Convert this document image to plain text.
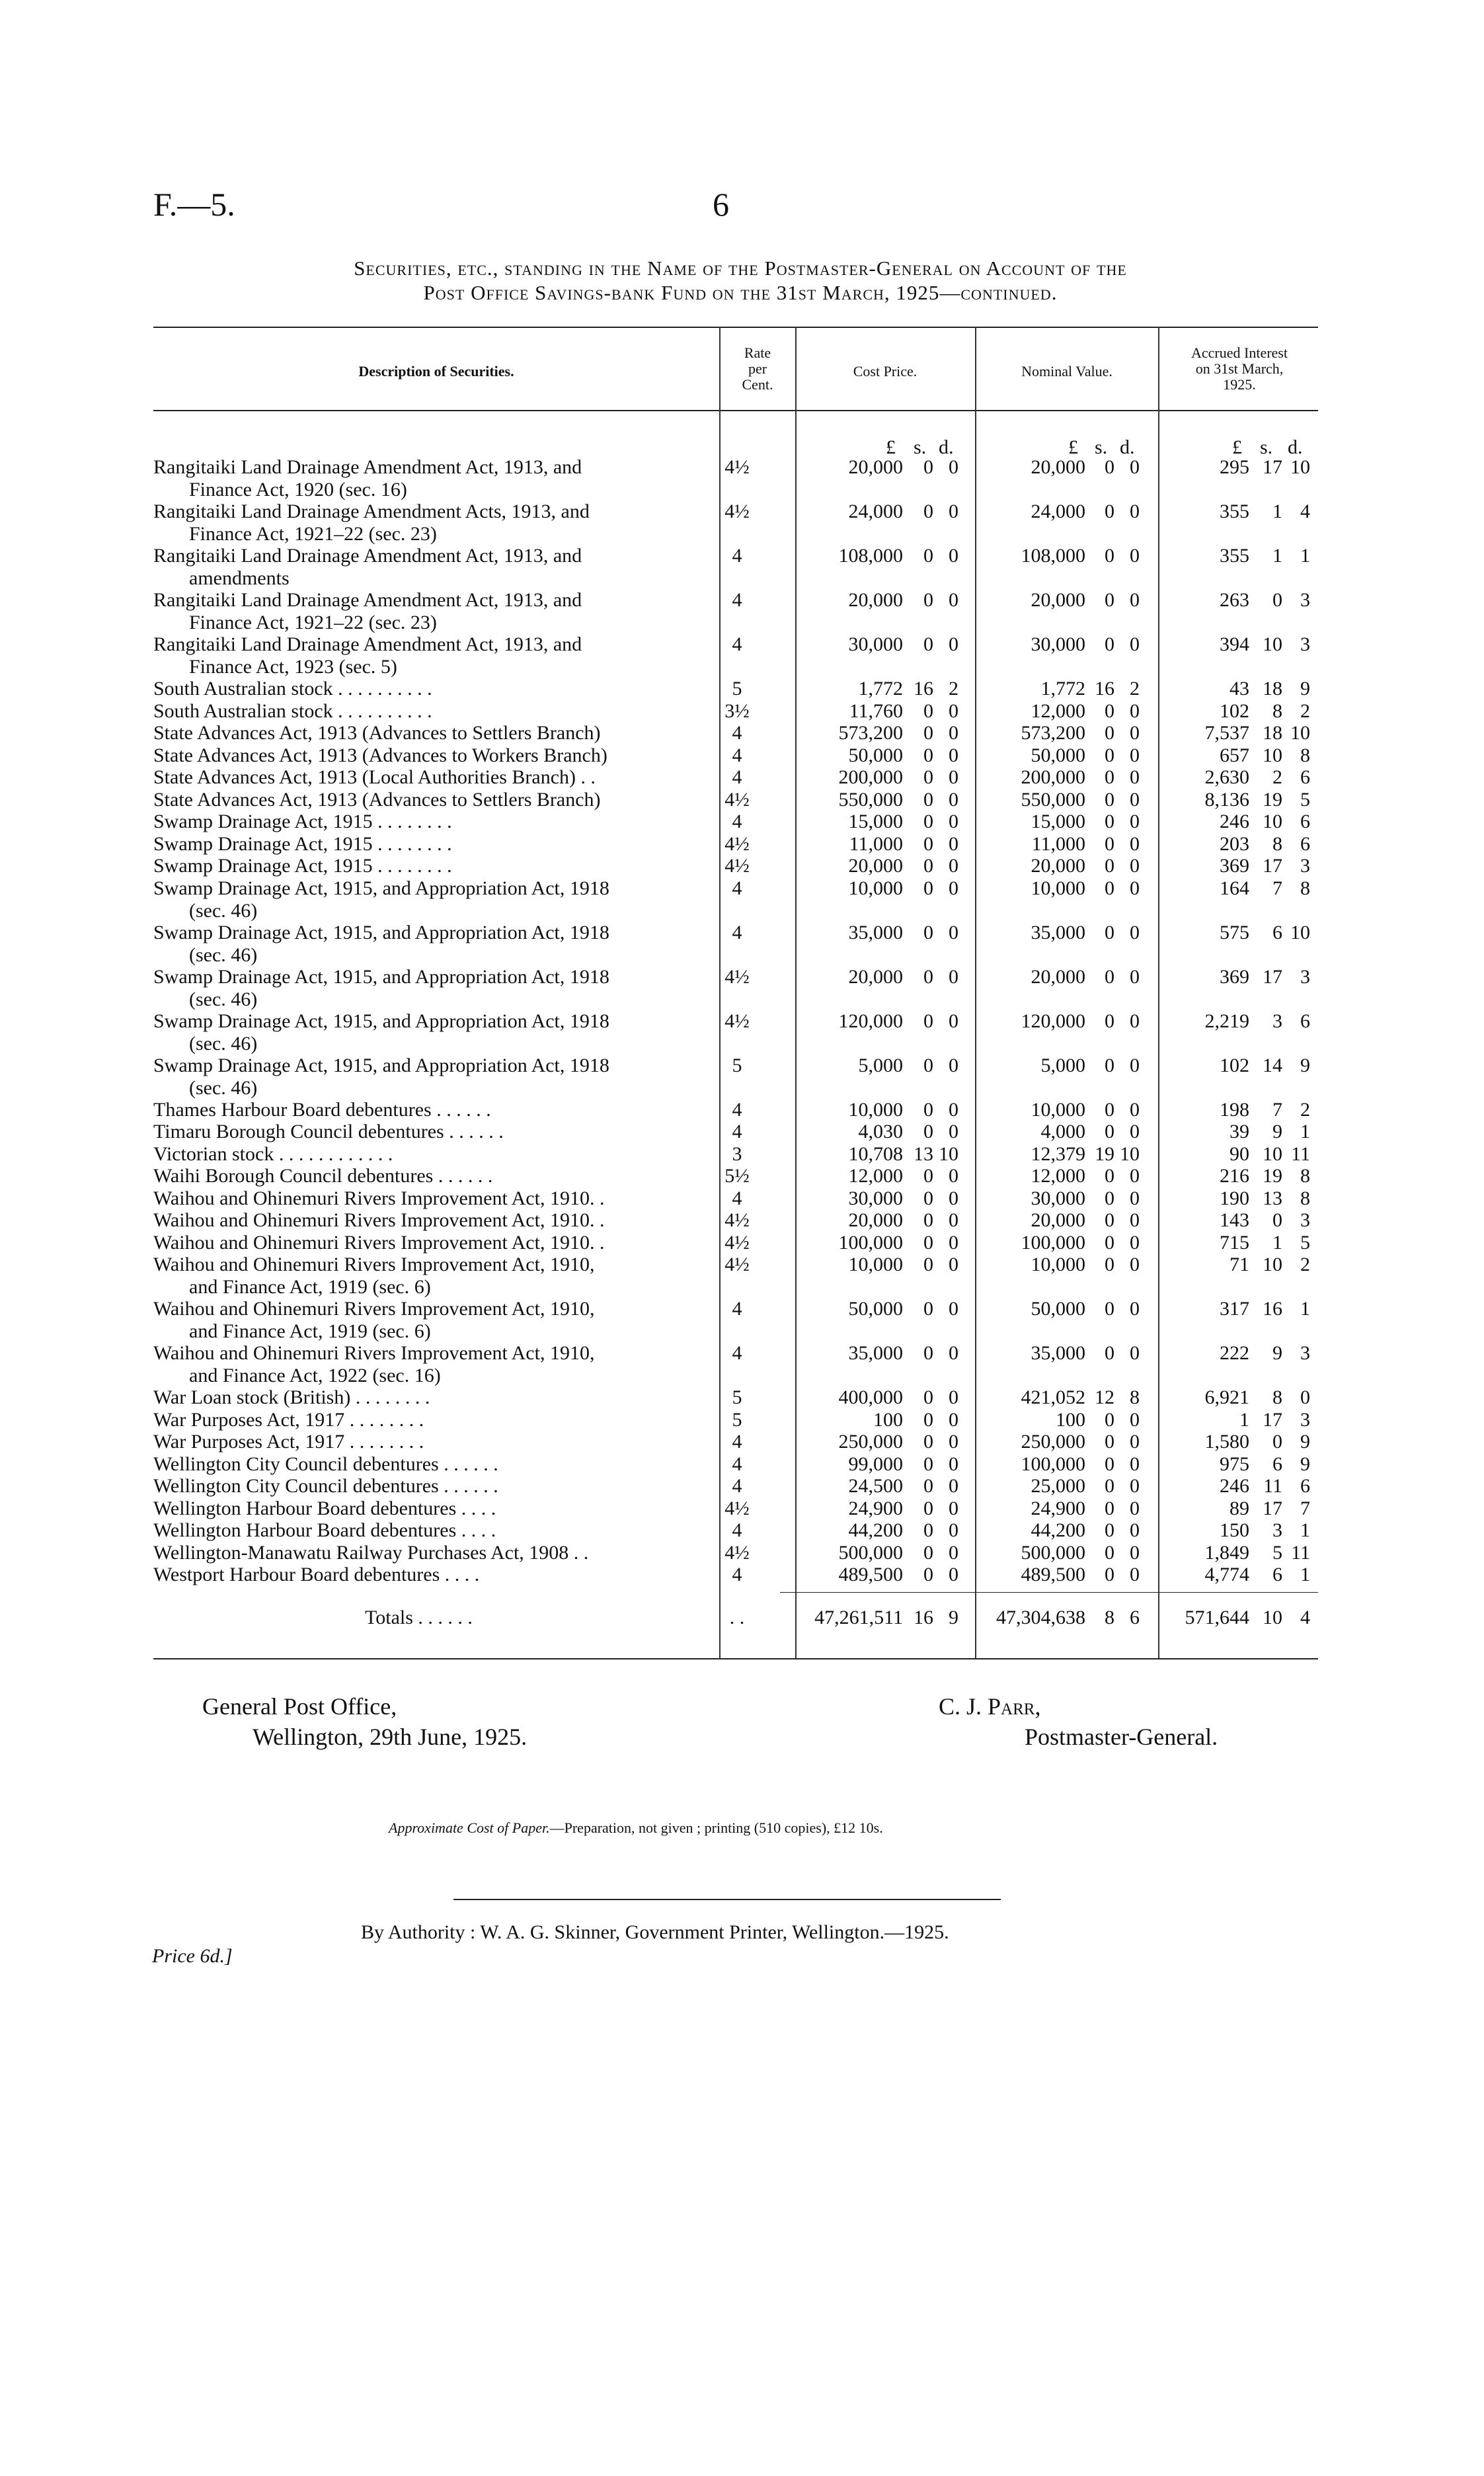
F.—5.	6
Securities, etc., standing in the Name of the Postmaster-General on Account of the
Post Office Savings-bank Fund on the 31st March, 1925—continued.
Description of Securities.
Rate
per
Cent.
Cost Price.	Nominal Value.
Accrued Interest
on 31st March,
1925.
£ s. d.	£ s. d.	£ s. d.
Rangitaiki Land Drainage Amendment Act, 1913, and
Finance Act, 1920 (sec. 16)
4½	20,000	0 0	20,000 0 0	295 17 10
Rangitaiki Land Drainage Amendment Acts, 1913, and
Finance Act, 1921–22 (sec. 23)
4½	24,000	0 0	24,000 0 0	355	1 4
Rangitaiki Land Drainage Amendment Act, 1913, and
amendments
4	108,000	0 0	108,000 0 0	355	1 1
Rangitaiki Land Drainage Amendment Act, 1913, and
Finance Act, 1921–22 (sec. 23)
4	20,000	0 0	20,000 0 0	263	0 3
Rangitaiki Land Drainage Amendment Act, 1913, and
Finance Act, 1923 (sec. 5)
4	30,000	0 0	30,000 0 0	394 10 3
South Australian stock . . . . . . . . . .	5	1,772 16 2	1,772 16 2	43 18 9
South Australian stock . . . . . . . . . .	3½	11,760	0 0	12,000 0 0	102	8 2
State Advances Act, 1913 (Advances to Settlers Branch)	4	573,200	0 0	573,200 0 0	7,537 18 10
State Advances Act, 1913 (Advances to Workers Branch)	4	50,000	0 0	50,000 0 0	657 10 8
State Advances Act, 1913 (Local Authorities Branch) . .	4	200,000	0 0	200,000 0 0	2,630	2 6
State Advances Act, 1913 (Advances to Settlers Branch)	4½	550,000	0 0	550,000 0 0	8,136 19 5
Swamp Drainage Act, 1915 . . . . . . . .	4	15,000	0 0	15,000 0 0	246 10 6
Swamp Drainage Act, 1915 . . . . . . . .	4½	11,000	0 0	11,000 0 0	203	8 6
Swamp Drainage Act, 1915 . . . . . . . .	4½	20,000	0 0	20,000 0 0	369 17 3
Swamp Drainage Act, 1915, and Appropriation Act, 1918
(sec. 46)
4	10,000	0 0	10,000 0 0	164	7 8
Swamp Drainage Act, 1915, and Appropriation Act, 1918
(sec. 46)
4	35,000	0 0	35,000 0 0	575	6 10
Swamp Drainage Act, 1915, and Appropriation Act, 1918
(sec. 46)
4½	20,000	0 0	20,000 0 0	369 17 3
Swamp Drainage Act, 1915, and Appropriation Act, 1918
(sec. 46)
4½	120,000	0 0	120,000 0 0	2,219	3 6
Swamp Drainage Act, 1915, and Appropriation Act, 1918
(sec. 46)
5	5,000	0 0	5,000 0 0	102 14 9
Thames Harbour Board debentures . . . . . .	4	10,000	0 0	10,000 0 0	198	7 2
Timaru Borough Council debentures . . . . . .	4	4,030	0 0	4,000 0 0	39	9 1
Victorian stock . . . . . . . . . . . .	3	10,708 13 10	12,379 19 10	90 10 11
Waihi Borough Council debentures . . . . . .	5½	12,000	0 0	12,000 0 0	216 19 8
Waihou and Ohinemuri Rivers Improvement Act, 1910. .	4	30,000	0 0	30,000 0 0	190 13 8
Waihou and Ohinemuri Rivers Improvement Act, 1910. .	4½	20,000	0 0	20,000 0 0	143	0 3
Waihou and Ohinemuri Rivers Improvement Act, 1910. .	4½	100,000	0 0	100,000 0 0	715	1 5
Waihou and Ohinemuri Rivers Improvement Act, 1910,
and Finance Act, 1919 (sec. 6)
4½	10,000	0 0	10,000 0 0	71 10 2
Waihou and Ohinemuri Rivers Improvement Act, 1910,
and Finance Act, 1919 (sec. 6)
4	50,000	0 0	50,000 0 0	317 16 1
Waihou and Ohinemuri Rivers Improvement Act, 1910,
and Finance Act, 1922 (sec. 16)
4	35,000	0 0	35,000 0 0	222	9 3
War Loan stock (British) . . . . . . . .	5	400,000	0 0	421,052 12 8	6,921	8 0
War Purposes Act, 1917 . . . . . . . .	5	100	0 0	100 0 0	1 17 3
War Purposes Act, 1917 . . . . . . . .	4	250,000	0 0	250,000 0 0	1,580	0 9
Wellington City Council debentures . . . . . .	4	99,000	0 0	100,000 0 0	975	6 9
Wellington City Council debentures . . . . . .	4	24,500	0 0	25,000 0 0	246 11 6
Wellington Harbour Board debentures . . . .	4½	24,900	0 0	24,900 0 0	89 17 7
Wellington Harbour Board debentures . . . .	4	44,200	0 0	44,200 0 0	150	3 1
Wellington-Manawatu Railway Purchases Act, 1908 . .	4½	500,000	0 0	500,000 0 0	1,849	5 11
Westport Harbour Board debentures . . . .	4	489,500	0 0	489,500 0 0	4,774	6 1
Totals . . . . . .	. .	47,261,511 16 9	47,304,638 8 6	571,644 10 4
General Post Office,
Wellington, 29th June, 1925.
C. J. Parr,
Postmaster-General.
Approximate Cost of Paper.—Preparation, not given ; printing (510 copies), £12 10s.
By Authority : W. A. G. Skinner, Government Printer, Wellington.—1925.
Price 6d.]
